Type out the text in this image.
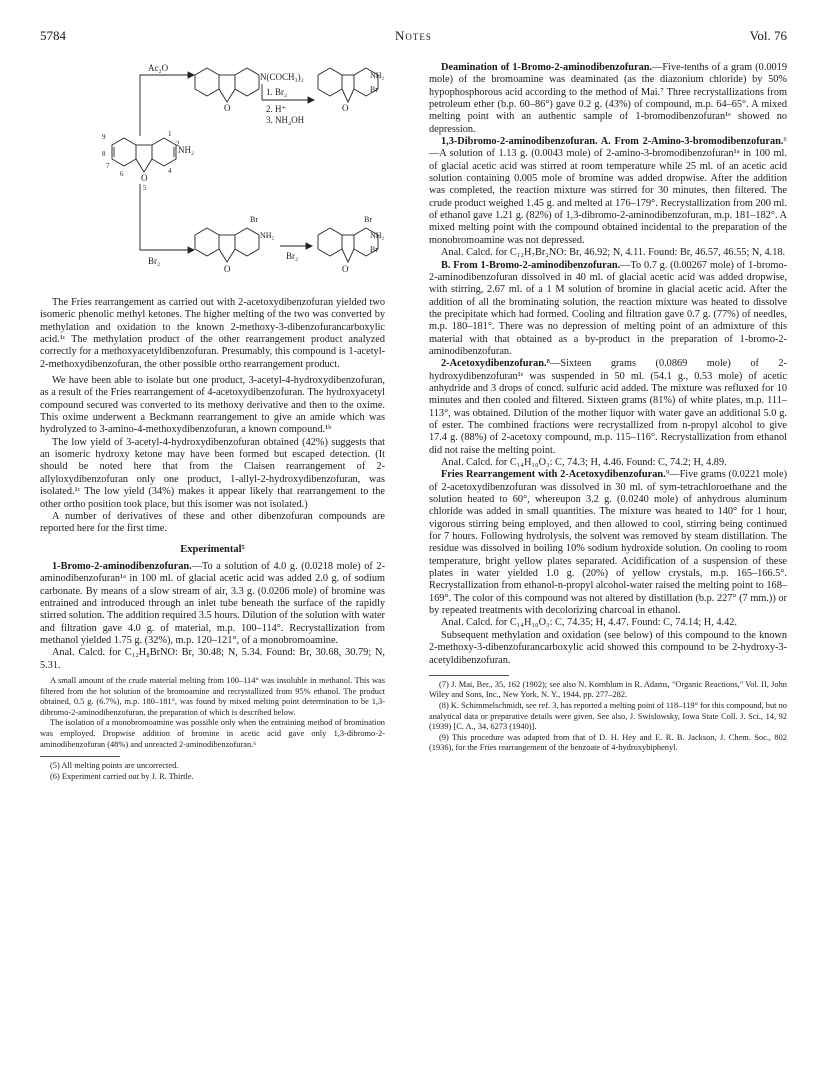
5784	Notes	Vol. 76
O
NH₂
9
8
7
6
5
4
2
1
Ac₂O
O
N(COCH₃)₂
1. Br₂
2. H⁺
3. NH₄OH
O
NH₂
Br
Br₂
O
Br
NH₂
Br₂
O
Br
NH₂
Br

The Fries rearrangement as carried out with 2-acetoxydibenzofuran yielded two isomeric phenolic methyl ketones. The higher melting of the two was converted by methylation and oxidation to the known 2-methoxy-3-dibenzofurancarboxylic acid.¹ᶜ The methylation product of the other rearrangement product analyzed correctly for a methoxyacetyldibenzofuran. Presumably, this compound is 1-acetyl-2-methoxydibenzofuran, the other possible ortho rearrangement product.

We have been able to isolate but one product, 3-acetyl-4-hydroxydibenzofuran, as a result of the Fries rearrangement of 4-acetoxydibenzofuran. The hydroxyacetyl compound secured was converted to its methoxy derivative and then to the oxime. This oxime underwent a Beckmann rearrangement to give an amide which was hydrolyzed to 3-amino-4-methoxydibenzofuran, a known compound.¹ᵇ

The low yield of 3-acetyl-4-hydroxydibenzofuran obtained (42%) suggests that an isomeric hydroxy ketone may have been formed but escaped detection. (It should be noted here that from the Claisen rearrangement of 2-allyloxydibenzofuran only one product, 1-allyl-2-hydroxydibenzofuran, was isolated.¹ᶜ The low yield (34%) makes it appear likely that rearrangement to the other ortho position took place, but this isomer was not isolated.)

A number of derivatives of these and other dibenzofuran compounds are reported here for the first time.

Experimental⁵

1-Bromo-2-aminodibenzofuran.—To a solution of 4.0 g. (0.0218 mole) of 2-aminodibenzofuran¹ᵃ in 100 ml. of glacial acetic acid was added 2.0 g. of sodium carbonate. By means of a slow stream of air, 3.3 g. (0.0206 mole) of bromine was entrained and introduced through an inlet tube beneath the surface of the rapidly stirred solution. The addition required 3.5 hours. Dilution of the solution with water and filtration gave 4.0 g. of material, m.p. 100–114°. Recrystallization from methanol yielded 1.75 g. (32%), m.p. 120–121°, of a monobromoamine.

Anal. Calcd. for C₁₂H₈BrNO: Br, 30.48; N, 5.34. Found: Br, 30.68, 30.79; N, 5.31.

A small amount of the crude material melting from 100–114° was insoluble in methanol. This was filtered from the hot solution of the bromoamine and recrystallized from 95% ethanol. The product obtained, 0.5 g. (6.7%), m.p. 180–181°, was found by mixed melting point determination to be 1,3-dibromo-2-aminodibenzofuran, the preparation of which is described below.

The isolation of a monobromoamine was possible only when the entraining method of bromination was employed. Dropwise addition of bromine in acetic acid gave only 1,3-dibromo-2-aminodibenzofuran (48%) and unreacted 2-aminodibenzofuran.⁶

(5) All melting points are uncorrected.

(6) Experiment carried out by J. R. Thirtle.

Deamination of 1-Bromo-2-aminodibenzofuran.—Five-tenths of a gram (0.0019 mole) of the bromoamine was deaminated (as the diazonium chloride) by 50% hypophosphorous acid according to the method of Mai.⁷ Three recrystallizations from petroleum ether (b.p. 60–86°) gave 0.2 g. (43%) of compound, m.p. 64–65°. A mixed melting point with an authentic sample of 1-bromodibenzofuran¹ᵉ showed no depression.

1,3-Dibromo-2-aminodibenzofuran. A. From 2-Amino-3-bromodibenzofuran.⁶—A solution of 1.13 g. (0.0043 mole) of 2-amino-3-bromodibenzofuran¹ᵃ in 100 ml. of glacial acetic acid was stirred at room temperature while 25 ml. of an acetic acid solution containing 0.005 mole of bromine was added dropwise. After the addition was completed, the reaction mixture was stirred for 30 minutes, then filtered. The crude product weighed 1.45 g. and melted at 176–179°. Recrystallization from 200 ml. of ethanol gave 1.21 g. (82%) of 1,3-dibromo-2-aminodibenzofuran, m.p. 181–182°. A mixed melting point with the compound obtained incidental to the preparation of the monobromoamine was not depressed.

Anal. Calcd. for C₁₂H₇Br₂NO: Br, 46.92; N, 4.11. Found: Br, 46.57, 46.55; N, 4.18.

B. From 1-Bromo-2-aminodibenzofuran.—To 0.7 g. (0.00267 mole) of 1-bromo-2-aminodibenzofuran dissolved in 40 ml. of glacial acetic acid was added dropwise, with stirring, 2.67 ml. of a 1 M solution of bromine in glacial acetic acid. After the addition of all the brominating solution, the reaction mixture was heated to dissolve the precipitate which had formed. Cooling and filtration gave 0.7 g. (77%) of needles, m.p. 180–181°. There was no depression of melting point of an admixture of this material with that obtained as a by-product in the preparation of 1-bromo-2-aminodibenzofuran.

2-Acetoxydibenzofuran.⁸—Sixteen grams (0.0869 mole) of 2-hydroxydibenzofuran¹ᵉ was suspended in 50 ml. (54.1 g., 0.53 mole) of acetic anhydride and 3 drops of concd. sulfuric acid added. The mixture was refluxed for 10 minutes and then cooled and filtered. Sixteen grams (81%) of white plates, m.p. 111–113°, was obtained. Dilution of the mother liquor with water gave an additional 5.0 g. of ester. The combined fractions were recrystallized from n-propyl alcohol to give 17.4 g. (88%) of 2-acetoxy compound, m.p. 115–116°. Recrystallization from ethanol did not raise the melting point.

Anal. Calcd. for C₁₄H₁₀O₃: C, 74.3; H, 4.46. Found: C, 74.2; H, 4.89.

Fries Rearrangement with 2-Acetoxydibenzofuran.⁹—Five grams (0.0221 mole) of 2-acetoxydibenzofuran was dissolved in 30 ml. of sym-tetrachloroethane and the solution heated to 60°, whereupon 3.2 g. (0.0240 mole) of anhydrous aluminum chloride was added in small quantities. The mixture was heated to 140° for 1 hour, vigorous stirring being employed, and then allowed to cool, stirring being continued for 7 hours. Following hydrolysis, the solvent was removed by steam distillation. The residue was dissolved in boiling 10% sodium hydroxide solution. On cooling to room temperature, bright yellow plates separated. Acidification of a suspension of these plates in water yielded 1.0 g. (20%) of yellow crystals, m.p. 165–166.5°. Recrystallization from ethanol-n-propyl alcohol-water raised the melting point to 168–169°. The color of this compound was not altered by distillation (b.p. 227° (7 mm.)) or by repeated treatments with decolorizing charcoal in ethanol.

Anal. Calcd. for C₁₄H₁₀O₃: C, 74.35; H, 4.47. Found: C, 74.14; H, 4.42.

Subsequent methylation and oxidation (see below) of this compound to the known 2-methoxy-3-dibenzofurancarboxylic acid showed this compound to be 2-hydroxy-3-acetyldibenzofuran.

(7) J. Mai, Ber., 35, 162 (1902); see also N. Kornblum in R. Adams, "Organic Reactions," Vol. II, John Wiley and Sons, Inc., New York, N. Y., 1944, pp. 277–282.

(8) K. Schimmelschmidt, see ref. 3, has reported a melting point of 118–119° for this compound, but no analytical data or preparative details were given. See also, J. Swislowsky, Iowa State Coll. J. Sci., 14, 92 (1939) [C. A., 34, 6273 (1940)].

(9) This procedure was adapted from that of D. H. Hey and E. R. B. Jackson, J. Chem. Soc., 802 (1936), for the Fries rearrangement of the benzoate of 4-hydroxybiphenyl.
